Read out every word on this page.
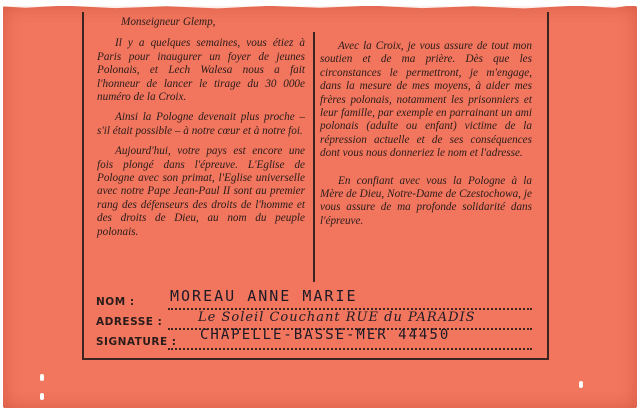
Monseigneur Glemp,

Il y a quelques semaines, vous étiez à Paris pour inaugurer un foyer de jeunes Polonais, et Lech Walesa nous a fait l'honneur de lancer le tirage du 30 000e numéro de la Croix.

Ainsi la Pologne devenait plus proche – s'il était possible – à notre cœur et à notre foi.

Aujourd'hui, votre pays est encore une fois plongé dans l'épreuve. L'Eglise de Pologne avec son primat, l'Eglise universelle avec notre Pape Jean-Paul II sont au premier rang des défenseurs des droits de l'homme et des droits de Dieu, au nom du peuple polonais.

Avec la Croix, je vous assure de tout mon soutien et de ma prière. Dès que les circonstances le permettront, je m'engage, dans la mesure de mes moyens, à aider mes frères polonais, notamment les prisonniers et leur famille, par exemple en parrainant un ami polonais (adulte ou enfant) victime de la répression actuelle et de ses conséquences dont vous nous donneriez le nom et l'adresse.

En confiant avec vous la Pologne à la Mère de Dieu, Notre-Dame de Czestochowa, je vous assure de ma profonde solidarité dans l'épreuve.

NOM : MOREAU ANNE MARIE
ADRESSE :	Le Soleil Couchant RUE du PARADIS
SIGNATURE : CHAPELLE-BASSE-MER 44450
